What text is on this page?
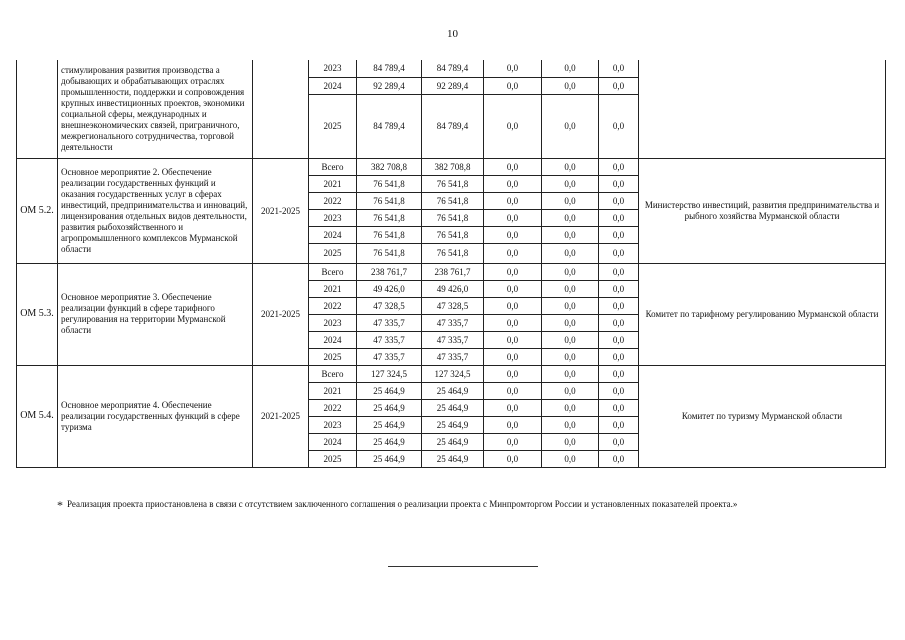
10
	стимулирования развития производства а добывающих и обрабатывающих отраслях промышленности, поддержки и сопровождения крупных инвестиционных проектов, экономики социальной сферы, международных и внешнеэкономических связей, приграничного, межрегионального сотрудничества, торговой деятельности		2023	84 789,4	84 789,4	0,0	0,0	0,0	
			2024	92 289,4	92 289,4	0,0	0,0	0,0	
			2025	84 789,4	84 789,4	0,0	0,0	0,0	
ОМ 5.2.	Основное мероприятие 2. Обеспечение реализации государственных функций и оказания государственных услуг в сферах инвестиций, предпринимательства и инноваций, лицензирования отдельных видов деятельности, развития рыбохозяйственного и агропромышленного комплексов Мурманской области	2021-2025	Всего	382 708,8	382 708,8	0,0	0,0	0,0	Министерство инвестиций, развития предпринимательства и рыбного хозяйства Мурманской области
			2021	76 541,8	76 541,8	0,0	0,0	0,0	
			2022	76 541,8	76 541,8	0,0	0,0	0,0	
			2023	76 541,8	76 541,8	0,0	0,0	0,0	
			2024	76 541,8	76 541,8	0,0	0,0	0,0	
			2025	76 541,8	76 541,8	0,0	0,0	0,0	
ОМ 5.3.	Основное мероприятие 3. Обеспечение реализации функций в сфере тарифного регулирования на территории Мурманской области	2021-2025	Всего	238 761,7	238 761,7	0,0	0,0	0,0	Комитет по тарифному регулированию Мурманской области
			2021	49 426,0	49 426,0	0,0	0,0	0,0	
			2022	47 328,5	47 328,5	0,0	0,0	0,0	
			2023	47 335,7	47 335,7	0,0	0,0	0,0	
			2024	47 335,7	47 335,7	0,0	0,0	0,0	
			2025	47 335,7	47 335,7	0,0	0,0	0,0	
ОМ 5.4.	Основное мероприятие 4. Обеспечение реализации государственных функций в сфере туризма	2021-2025	Всего	127 324,5	127 324,5	0,0	0,0	0,0	Комитет по туризму Мурманской области
			2021	25 464,9	25 464,9	0,0	0,0	0,0	
			2022	25 464,9	25 464,9	0,0	0,0	0,0	
			2023	25 464,9	25 464,9	0,0	0,0	0,0	
			2024	25 464,9	25 464,9	0,0	0,0	0,0	
			2025	25 464,9	25 464,9	0,0	0,0	0,0	
* Реализация проекта приостановлена в связи с отсутствием заключенного соглашения о реализации проекта с Минпромторгом России и установленных показателей проекта.»
